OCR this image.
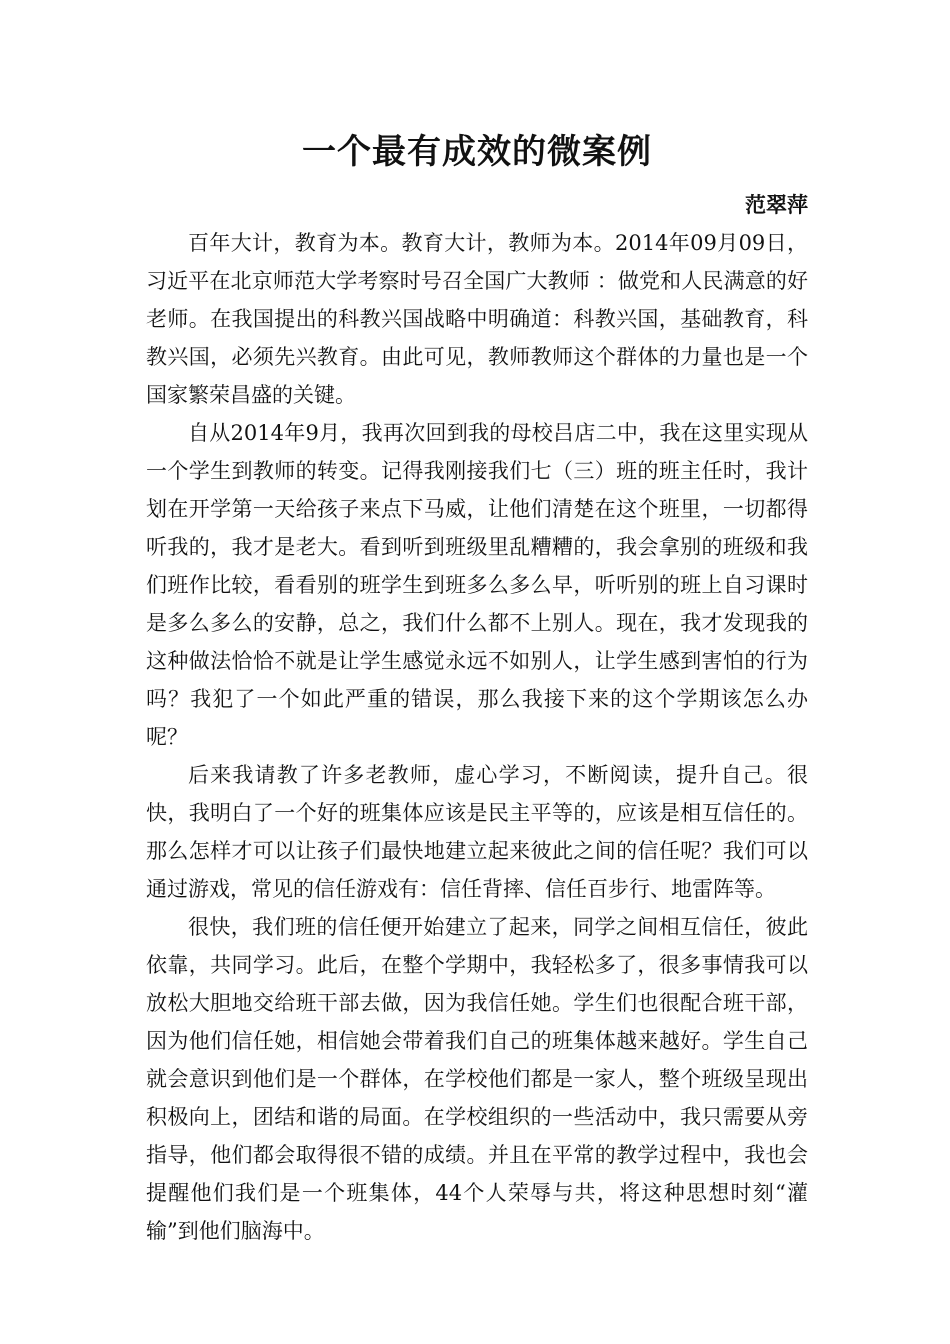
一个最有成效的微案例
范翠萍

百年大计，教育为本。教育大计，教师为本。2014年09月09日，习近平在北京师范大学考察时号召全国广大教师 ：做党和人民满意的好老师。在我国提出的科教兴国战略中明确道：科教兴国，基础教育，科教兴国，必须先兴教育。由此可见，教师教师这个群体的力量也是一个国家繁荣昌盛的关键。

自从2014年9月，我再次回到我的母校吕店二中，我在这里实现从一个学生到教师的转变。记得我刚接我们七（三）班的班主任时，我计划在开学第一天给孩子来点下马威，让他们清楚在这个班里，一切都得听我的，我才是老大。看到听到班级里乱糟糟的，我会拿别的班级和我们班作比较，看看别的班学生到班多么多么早，听听别的班上自习课时是多么多么的安静，总之，我们什么都不上别人。现在，我才发现我的这种做法恰恰不就是让学生感觉永远不如别人，让学生感到害怕的行为吗？我犯了一个如此严重的错误，那么我接下来的这个学期该怎么办呢？

后来我请教了许多老教师，虚心学习，不断阅读，提升自己。很快，我明白了一个好的班集体应该是民主平等的，应该是相互信任的。那么怎样才可以让孩子们最快地建立起来彼此之间的信任呢？我们可以通过游戏，常见的信任游戏有：信任背摔、信任百步行、地雷阵等。

很快，我们班的信任便开始建立了起来，同学之间相互信任，彼此依靠，共同学习。此后，在整个学期中，我轻松多了，很多事情我可以放松大胆地交给班干部去做，因为我信任她。学生们也很配合班干部，因为他们信任她，相信她会带着我们自己的班集体越来越好。学生自己就会意识到他们是一个群体，在学校他们都是一家人，整个班级呈现出积极向上，团结和谐的局面。在学校组织的一些活动中，我只需要从旁指导，他们都会取得很不错的成绩。并且在平常的教学过程中，我也会提醒他们我们是一个班集体，44个人荣辱与共，将这种思想时刻“灌输”到他们脑海中。
